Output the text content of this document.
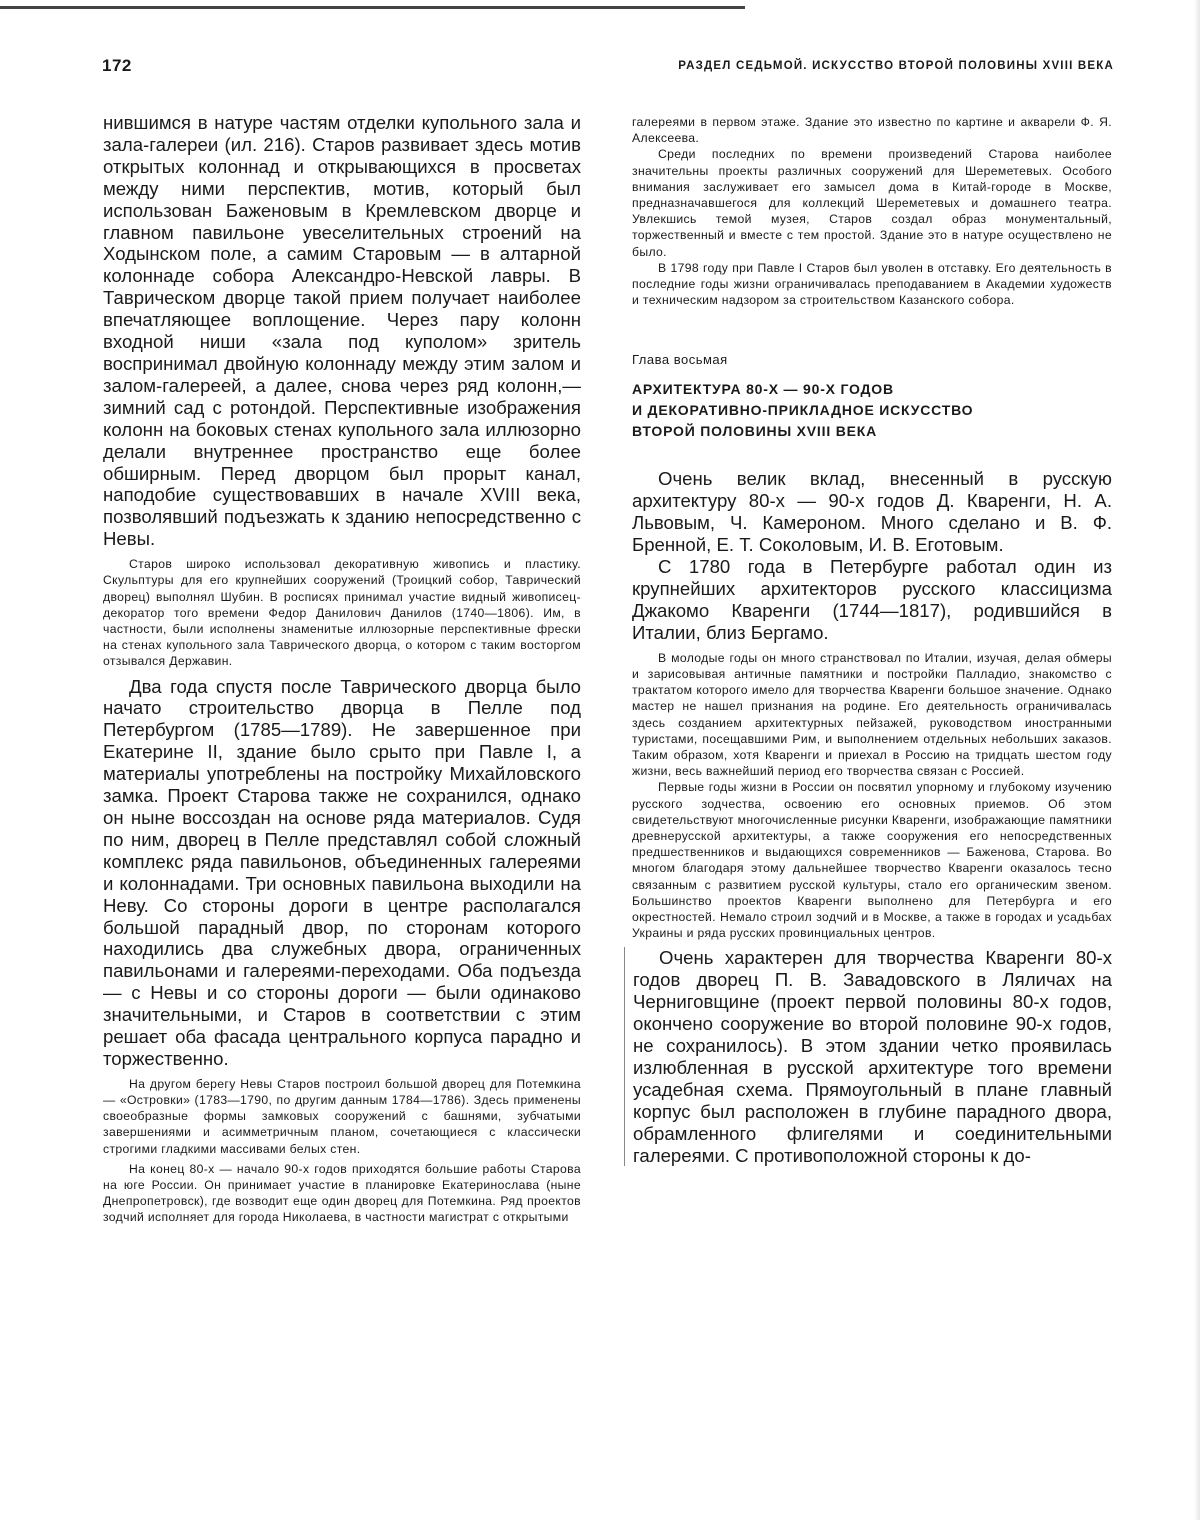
172	РАЗДЕЛ СЕДЬМОЙ. ИСКУССТВО ВТОРОЙ ПОЛОВИНЫ XVIII ВЕКА

нившимся в натуре частям отделки купольного зала и зала-галереи (ил. 216). Старов развивает здесь мотив открытых колоннад и открывающихся в просветах между ними перспектив, мотив, который был использован Баженовым в Кремлевском дворце и главном павильоне увеселительных строений на Ходынском поле, а самим Старовым — в алтарной колоннаде собора Александро-Невской лавры. В Таврическом дворце такой прием получает наиболее впечатляющее воплощение. Через пару колонн входной ниши «зала под куполом» зритель воспринимал двойную колоннаду между этим залом и залом-галереей, а далее, снова через ряд колонн,— зимний сад с ротондой. Перспективные изображения колонн на боковых стенах купольного зала иллюзорно делали внутреннее пространство еще более обширным. Перед дворцом был прорыт канал, наподобие существовавших в начале XVIII века, позволявший подъезжать к зданию непосредственно с Невы.

Старов широко использовал декоративную живопись и пластику. Скульптуры для его крупнейших сооружений (Троицкий собор, Таврический дворец) выполнял Шубин. В росписях принимал участие видный живописец-декоратор того времени Федор Данилович Данилов (1740—1806). Им, в частности, были исполнены знаменитые иллюзорные перспективные фрески на стенах купольного зала Таврического дворца, о котором с таким восторгом отзывался Державин.

Два года спустя после Таврического дворца было начато строительство дворца в Пелле под Петербургом (1785—1789). Не завершенное при Екатерине II, здание было срыто при Павле I, а материалы употреблены на постройку Михайловского замка. Проект Старова также не сохранился, однако он ныне воссоздан на основе ряда материалов. Судя по ним, дворец в Пелле представлял собой сложный комплекс ряда павильонов, объединенных галереями и колоннадами. Три основных павильона выходили на Неву. Со стороны дороги в центре располагался большой парадный двор, по сторонам которого находились два служебных двора, ограниченных павильонами и галереями-переходами. Оба подъезда — с Невы и со стороны дороги — были одинаково значительными, и Старов в соответствии с этим решает оба фасада центрального корпуса парадно и торжественно.

На другом берегу Невы Старов построил большой дворец для Потемкина — «Островки» (1783—1790, по другим данным 1784—1786). Здесь применены своеобразные формы замковых сооружений с башнями, зубчатыми завершениями и асимметричным планом, сочетающиеся с классически строгими гладкими массивами белых стен.

На конец 80-х — начало 90-х годов приходятся большие работы Старова на юге России. Он принимает участие в планировке Екатеринослава (ныне Днепропетровск), где возводит еще один дворец для Потемкина. Ряд проектов зодчий исполняет для города Николаева, в частности магистрат с открытыми

галереями в первом этаже. Здание это известно по картине и акварели Ф. Я. Алексеева.

Среди последних по времени произведений Старова наиболее значительны проекты различных сооружений для Шереметевых. Особого внимания заслуживает его замысел дома в Китай-городе в Москве, предназначавшегося для коллекций Шереметевых и домашнего театра. Увлекшись темой музея, Старов создал образ монументальный, торжественный и вместе с тем простой. Здание это в натуре осуществлено не было.

В 1798 году при Павле I Старов был уволен в отставку. Его деятельность в последние годы жизни ограничивалась преподаванием в Академии художеств и техническим надзором за строительством Казанского собора.

Глава восьмая
АРХИТЕКТУРА 80-Х — 90-Х ГОДОВ
И ДЕКОРАТИВНО-ПРИКЛАДНОЕ ИСКУССТВО
ВТОРОЙ ПОЛОВИНЫ XVIII ВЕКА

Очень велик вклад, внесенный в русскую архитектуру 80-х — 90-х годов Д. Кваренги, Н. А. Львовым, Ч. Камероном. Много сделано и В. Ф. Бренной, Е. Т. Соколовым, И. В. Еготовым.

С 1780 года в Петербурге работал один из крупнейших архитекторов русского классицизма Джакомо Кваренги (1744—1817), родившийся в Италии, близ Бергамо.

В молодые годы он много странствовал по Италии, изучая, делая обмеры и зарисовывая античные памятники и постройки Палладио, знакомство с трактатом которого имело для творчества Кваренги большое значение. Однако мастер не нашел признания на родине. Его деятельность ограничивалась здесь созданием архитектурных пейзажей, руководством иностранными туристами, посещавшими Рим, и выполнением отдельных небольших заказов. Таким образом, хотя Кваренги и приехал в Россию на тридцать шестом году жизни, весь важнейший период его творчества связан с Россией.

Первые годы жизни в России он посвятил упорному и глубокому изучению русского зодчества, освоению его основных приемов. Об этом свидетельствуют многочисленные рисунки Кваренги, изображающие памятники древнерусской архитектуры, а также сооружения его непосредственных предшественников и выдающихся современников — Баженова, Старова. Во многом благодаря этому дальнейшее творчество Кваренги оказалось тесно связанным с развитием русской культуры, стало его органическим звеном. Большинство проектов Кваренги выполнено для Петербурга и его окрестностей. Немало строил зодчий и в Москве, а также в городах и усадьбах Украины и ряда русских провинциальных центров.

Очень характерен для творчества Кваренги 80-х годов дворец П. В. Завадовского в Ляличах на Черниговщине (проект первой половины 80-х годов, окончено сооружение во второй половине 90-х годов, не сохранилось). В этом здании четко проявилась излюбленная в русской архитектуре того времени усадебная схема. Прямоугольный в плане главный корпус был расположен в глубине парадного двора, обрамленного флигелями и соединительными галереями. С противоположной стороны к до-
